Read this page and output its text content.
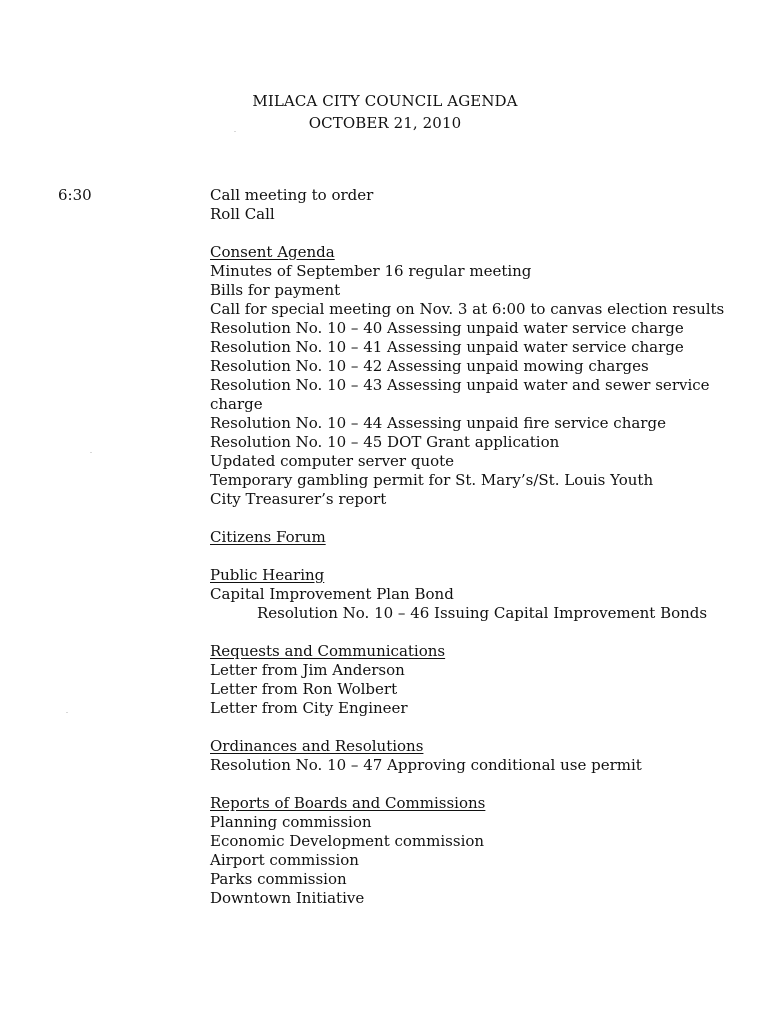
MILACA CITY COUNCIL AGENDA
OCTOBER 21, 2010
6:30	Call meeting to order
Roll Call
Consent Agenda
Minutes of September 16 regular meeting
Bills for payment
Call for special meeting on Nov. 3 at 6:00 to canvas election results
Resolution No. 10 – 40 Assessing unpaid water service charge
Resolution No. 10 – 41 Assessing unpaid water service charge
Resolution No. 10 – 42 Assessing unpaid mowing charges
Resolution No. 10 – 43 Assessing unpaid water and sewer service
charge
Resolution No. 10 – 44 Assessing unpaid fire service charge
Resolution No. 10 – 45 DOT Grant application
Updated computer server quote
Temporary gambling permit for St. Mary’s/St. Louis Youth
City Treasurer’s report
Citizens Forum
Public Hearing
Capital Improvement Plan Bond
Resolution No. 10 – 46 Issuing Capital Improvement Bonds
Requests and Communications
Letter from Jim Anderson
Letter from Ron Wolbert
Letter from City Engineer
Ordinances and Resolutions
Resolution No. 10 – 47 Approving conditional use permit
Reports of Boards and Commissions
Planning commission
Economic Development commission
Airport commission
Parks commission
Downtown Initiative
